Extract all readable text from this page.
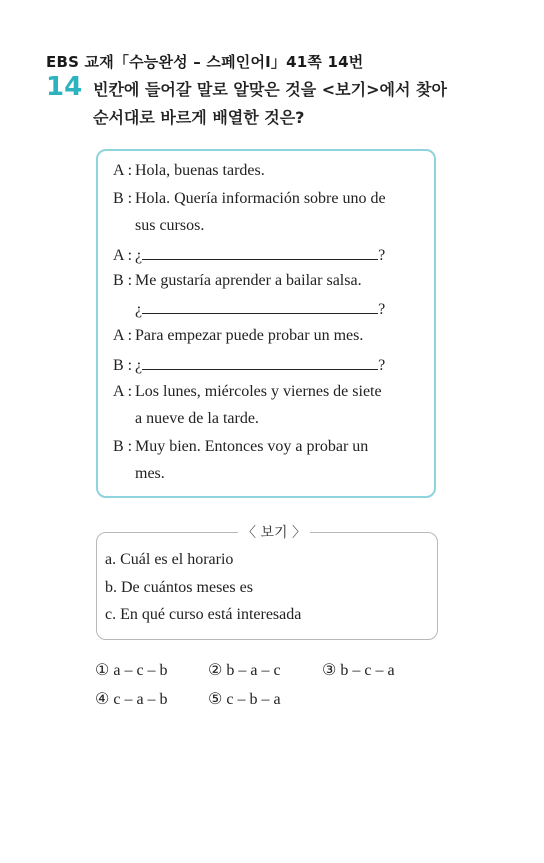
EBS 교재「수능완성 – 스페인어Ⅰ」41쪽 14번
14 빈칸에 들어갈 말로 알맞은 것을 <보기>에서 찾아 순서대로 바르게 배열한 것은?
A : Hola, buenas tardes.
B : Hola. Quería información sobre uno de
sus cursos.
A : ¿	?
B : Me gustaría aprender a bailar salsa.
¿	?
A : Para empezar puede probar un mes.
B : ¿	?
A : Los lunes, miércoles y viernes de siete
a nueve de la tarde.
B : Muy bien. Entonces voy a probar un
mes.
〈 보기 〉
a. Cuál es el horario
b. De cuántos meses es
c. En qué curso está interesada
① a – c – b	② b – a – c	③ b – c – a
④ c – a – b	⑤ c – b – a
